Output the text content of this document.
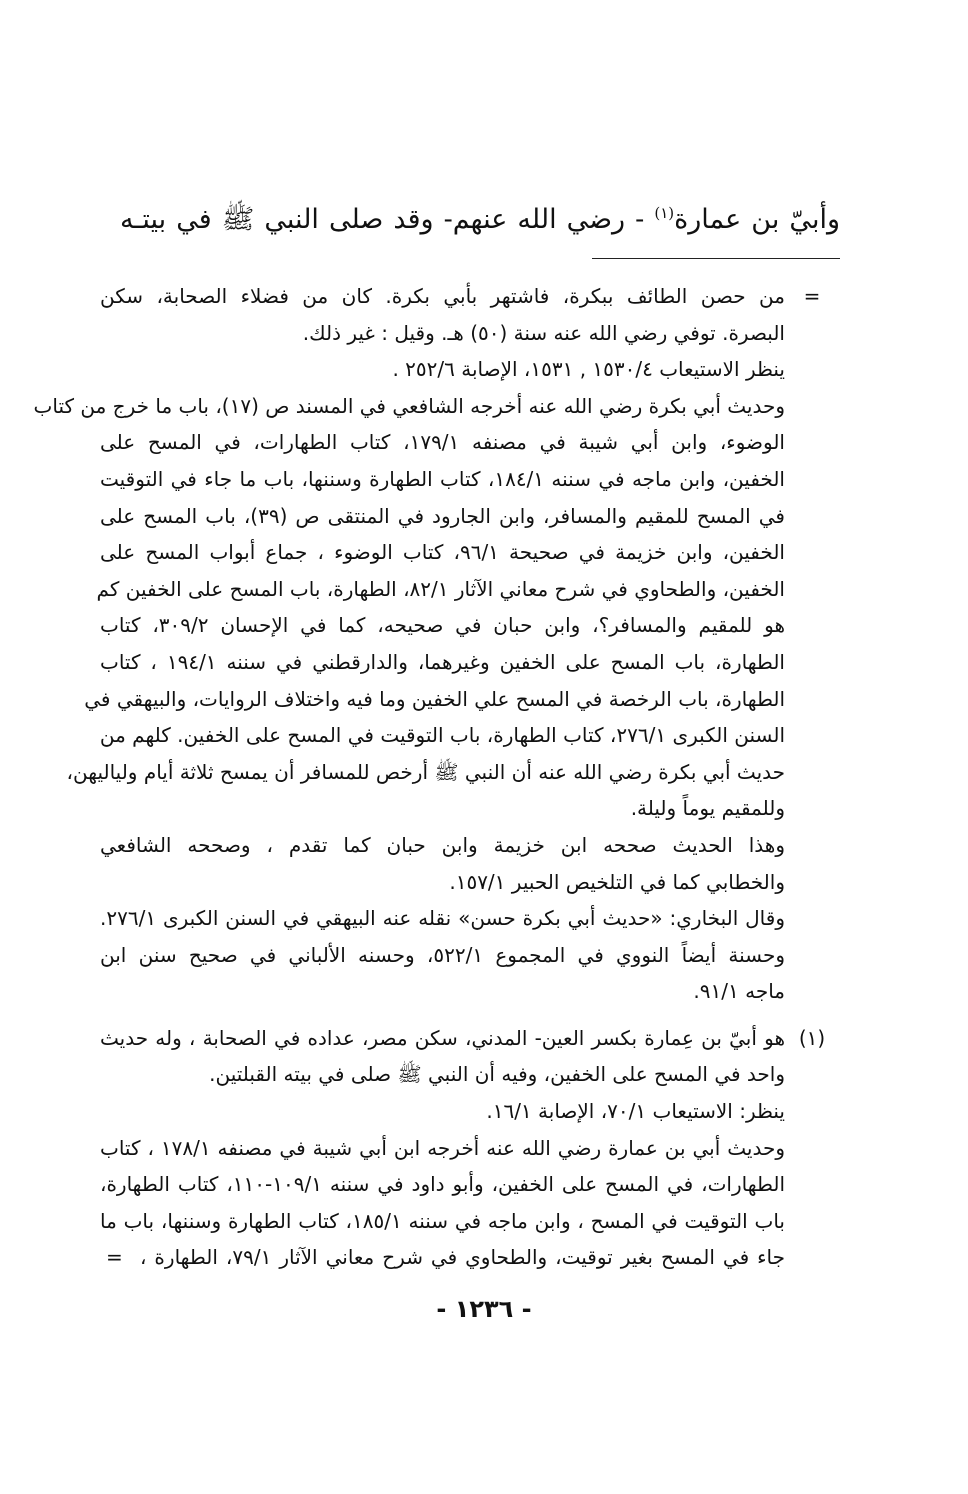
وأبيّ بن عمارة$^{(١)}$ - رضي الله عنهم- وقد صلى النبي ﷺ في بيتـه
=
من حصن الطائف ببكرة، فاشتهر بأبي بكرة. كان من فضلاء الصحابة، سكن
البصرة. توفي رضي الله عنه سنة (٥٠) هـ. وقيل : غير ذلك.
ينظر الاستيعاب ١٥٣٠/٤ , ١٥٣١، الإصابة ٢٥٢/٦ .
وحديث أبي بكرة رضي الله عنه أخرجه الشافعي في المسند ص (١٧)، باب ما خرج من كتاب
الوضوء، وابن أبي شيبة في مصنفه ١٧٩/١، كتاب الطهارات، في المسح على
الخفين، وابن ماجه في سننه ١٨٤/١، كتاب الطهارة وسننها، باب ما جاء في التوقيت
في المسح للمقيم والمسافر، وابن الجارود في المنتقى ص (٣٩)، باب المسح على
الخفين، وابن خزيمة في صحيحة ٩٦/١، كتاب الوضوء ، جماع أبواب المسح على
الخفين، والطحاوي في شرح معاني الآثار ٨٢/١، الطهارة، باب المسح على الخفين كم
هو للمقيم والمسافر؟، وابن حبان في صحيحه، كما في الإحسان ٣٠٩/٢، كتاب
الطهارة، باب المسح على الخفين وغيرهما، والدارقطني في سننه ١٩٤/١ ، كتاب
الطهارة، باب الرخصة في المسح علي الخفين وما فيه واختلاف الروايات، والبيهقي في
السنن الكبرى ٢٧٦/١، كتاب الطهارة، باب التوقيت في المسح على الخفين. كلهم من
حديث أبي بكرة رضي الله عنه أن النبي ﷺ أرخص للمسافر أن يمسح ثلاثة أيام ولياليهن،
وللمقيم يوماً وليلة.
وهذا الحديث صححه ابن خزيمة وابن حبان كما تقدم ، وصححه الشافعي
والخطابي كما في التلخيص الحبير ١٥٧/١.
وقال البخاري: «حديث أبي بكرة حسن» نقله عنه البيهقي في السنن الكبرى ٢٧٦/١.
وحسنة أيضاً النووي في المجموع ٥٢٢/١، وحسنه الألباني في صحيح سنن ابن
ماجه ٩١/١.
(١)
هو أبيّ بن عِمارة بكسر العين- المدني، سكن مصر، عداده في الصحابة ، وله حديث
واحد في المسح على الخفين، وفيه أن النبي ﷺ صلى في بيته القبلتين.
ينظر: الاستيعاب ٧٠/١، الإصابة ١٦/١.
وحديث أبي بن عمارة رضي الله عنه أخرجه ابن أبي شيبة في مصنفه ١٧٨/١ ، كتاب
الطهارات، في المسح على الخفين، وأبو داود في سننه ١٠٩/١-١١٠، كتاب الطهارة،
باب التوقيت في المسح ، وابن ماجه في سننه ١٨٥/١، كتاب الطهارة وسننها، باب ما
جاء في المسح بغير توقيت، والطحاوي في شرح معاني الآثار ٧٩/١، الطهارة ،
=
- ١٢٣٦ -
